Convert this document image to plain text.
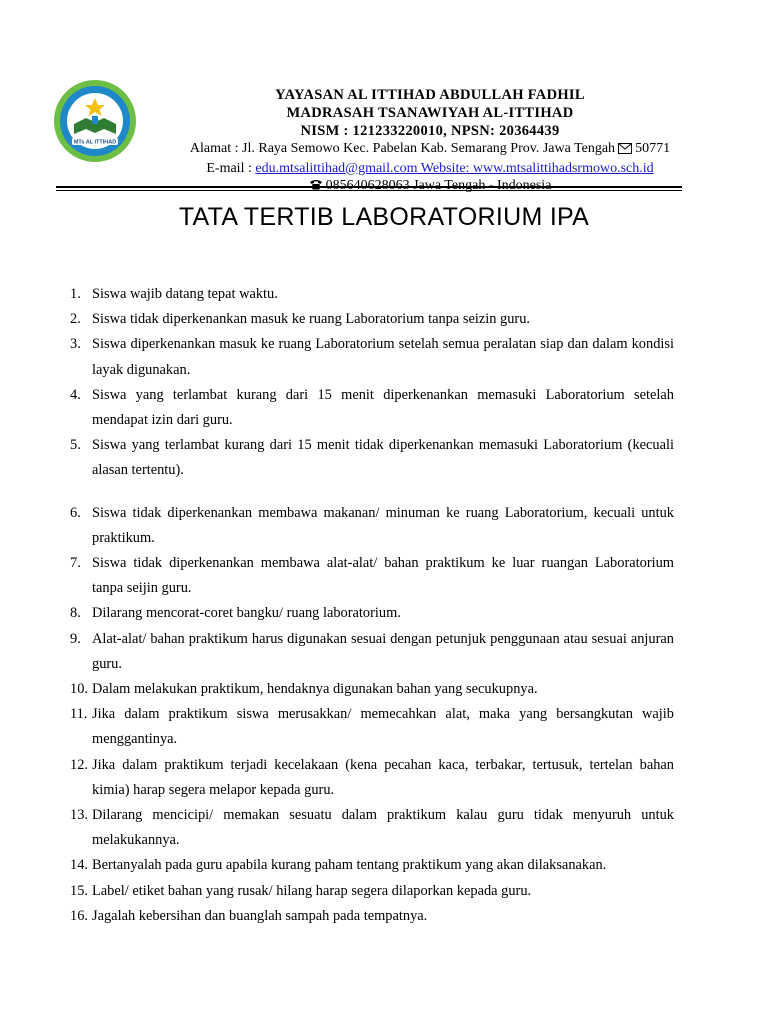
MTs AL ITTIHAD
YAYASAN AL ITTIHAD ABDULLAH FADHIL
MADRASAH TSANAWIYAH AL-ITTIHAD
NISM : 121233220010, NPSN: 20364439
Alamat : Jl. Raya Semowo Kec. Pabelan Kab. Semarang Prov. Jawa Tengah 50771
E-mail : edu.mtsalittihad@gmail.com Website: www.mtsalittihadsrmowo.sch.id
TATA TERTIB LABORATORIUM IPA
1. Siswa wajib datang tepat waktu.
2. Siswa tidak diperkenankan masuk ke ruang Laboratorium tanpa seizin guru.
3. Siswa diperkenankan masuk ke ruang Laboratorium setelah semua peralatan siap dan dalam kondisi layak digunakan.
4. Siswa yang terlambat kurang dari 15 menit diperkenankan memasuki Laboratorium setelah mendapat izin dari guru.
5. Siswa yang terlambat kurang dari 15 menit tidak diperkenankan memasuki Laboratorium (kecuali alasan tertentu).
6. Siswa tidak diperkenankan membawa makanan/ minuman ke ruang Laboratorium, kecuali untuk praktikum.
7. Siswa tidak diperkenankan membawa alat-alat/ bahan praktikum ke luar ruangan Laboratorium tanpa seijin guru.
8. Dilarang mencorat-coret bangku/ ruang laboratorium.
9. Alat-alat/ bahan praktikum harus digunakan sesuai dengan petunjuk penggunaan atau sesuai anjuran guru.
10. Dalam melakukan praktikum, hendaknya digunakan bahan yang secukupnya.
11. Jika dalam praktikum siswa merusakkan/ memecahkan alat, maka yang bersangkutan wajib menggantinya.
12. Jika dalam praktikum terjadi kecelakaan (kena pecahan kaca, terbakar, tertusuk, tertelan bahan kimia) harap segera melapor kepada guru.
13. Dilarang mencicipi/ memakan sesuatu dalam praktikum kalau guru tidak menyuruh untuk melakukannya.
14. Bertanyalah pada guru apabila kurang paham tentang praktikum yang akan dilaksanakan.
15. Label/ etiket bahan yang rusak/ hilang harap segera dilaporkan kepada guru.
16. Jagalah kebersihan dan buanglah sampah pada tempatnya.
